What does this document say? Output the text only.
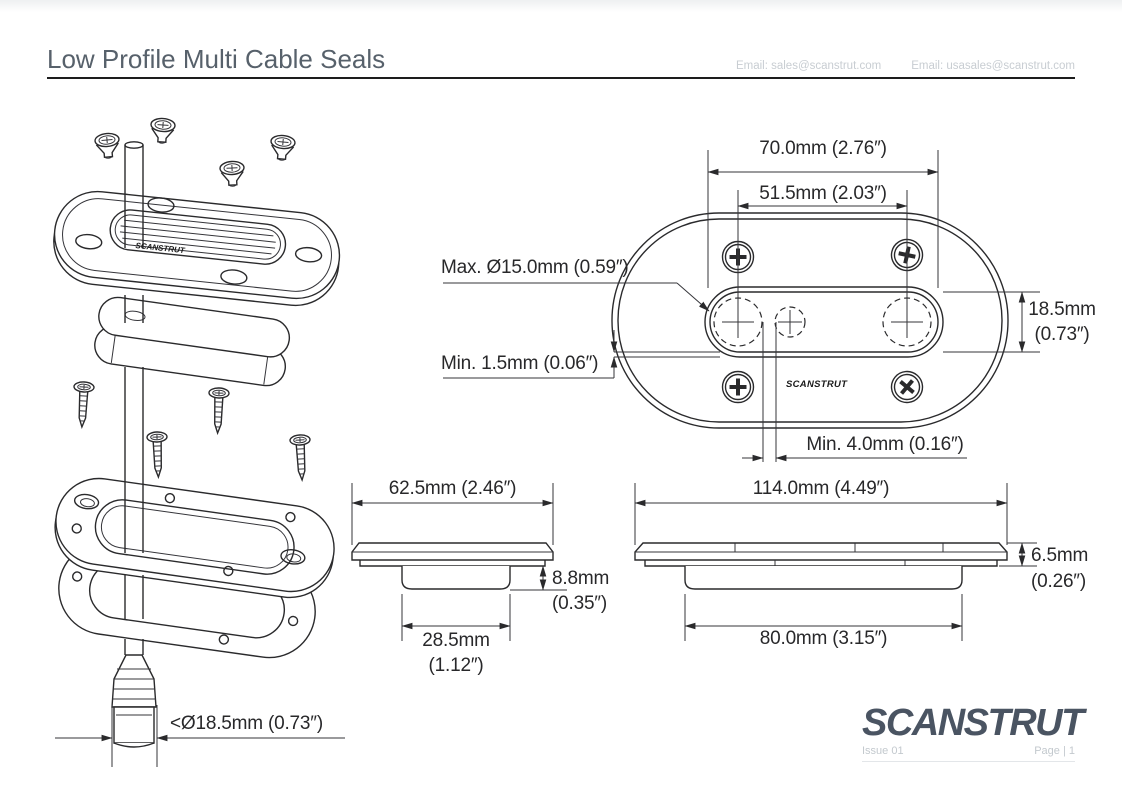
Low Profile Multi Cable Seals	Email: sales@scanstrut.com	Email: usasales@scanstrut.com
70.0mm (2.76″)
51.5mm (2.03″)
Max. Ø15.0mm (0.59″)
Min. 1.5mm (0.06″)
18.5mm
(0.73″)
Min. 4.0mm (0.16″)
SCANSTRUT
SCANSTRUT
62.5mm (2.46″)
8.8mm
(0.35″)
28.5mm
(1.12″)
114.0mm (4.49″)
6.5mm
(0.26″)
80.0mm (3.15″)
<Ø18.5mm (0.73″)	SCANSTRUT
Issue 01	Page | 1
